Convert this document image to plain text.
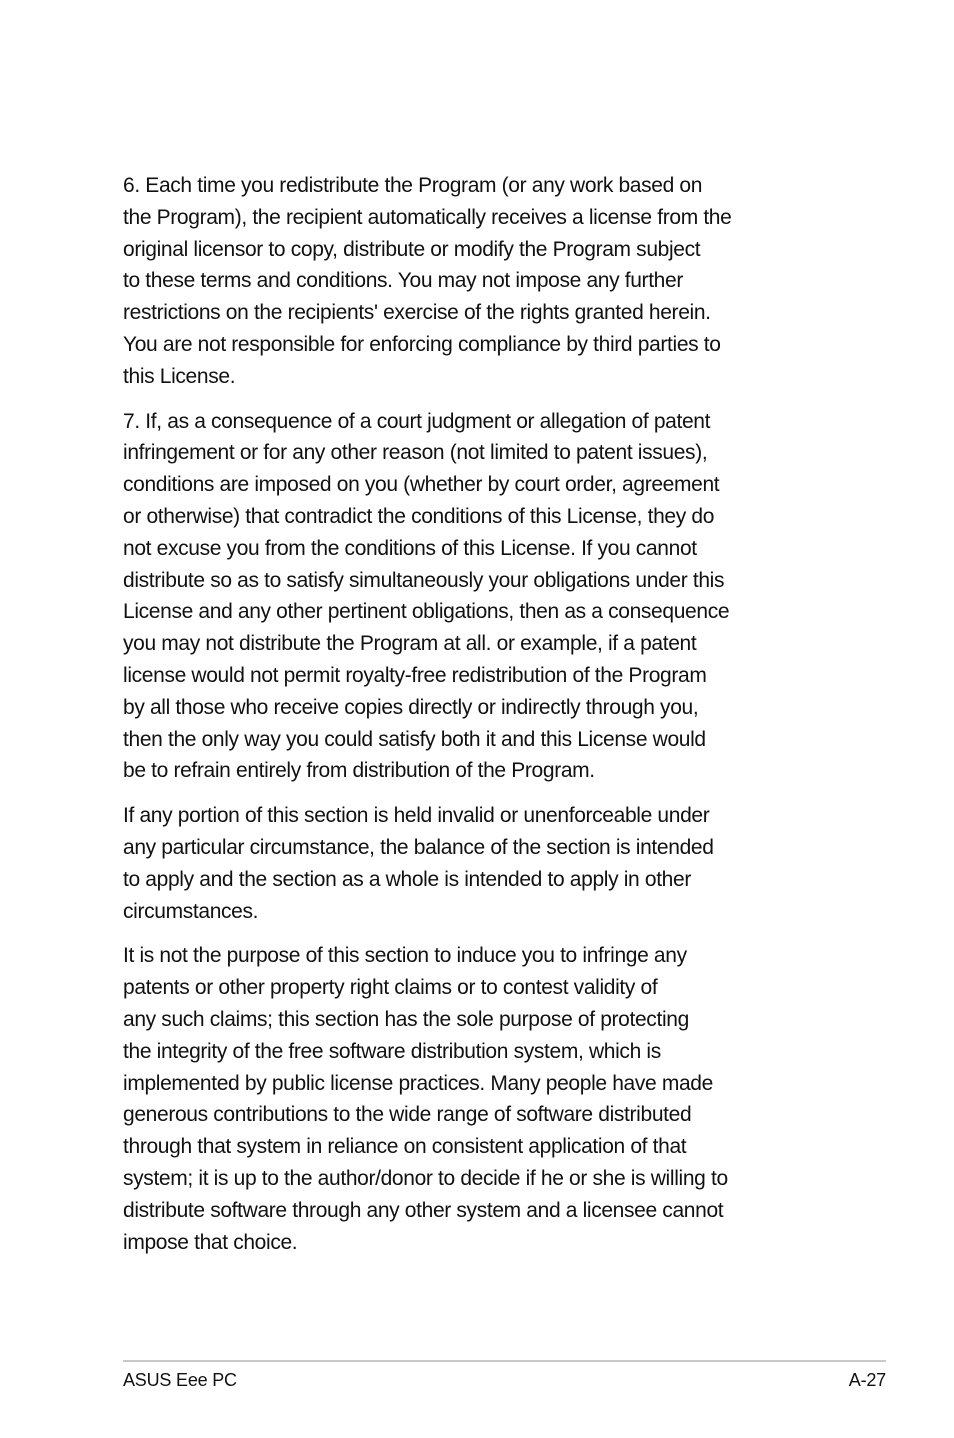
6. Each time you redistribute the Program (or any work based on
the Program), the recipient automatically receives a license from the
original licensor to copy, distribute or modify the Program subject
to these terms and conditions. You may not impose any further
restrictions on the recipients' exercise of the rights granted herein.
You are not responsible for enforcing compliance by third parties to
this License.

7. If, as a consequence of a court judgment or allegation of patent
infringement or for any other reason (not limited to patent issues),
conditions are imposed on you (whether by court order, agreement
or otherwise) that contradict the conditions of this License, they do
not excuse you from the conditions of this License. If you cannot
distribute so as to satisfy simultaneously your obligations under this
License and any other pertinent obligations, then as a consequence
you may not distribute the Program at all. or example, if a patent
license would not permit royalty-free redistribution of the Program
by all those who receive copies directly or indirectly through you,
then the only way you could satisfy both it and this License would
be to refrain entirely from distribution of the Program.

If any portion of this section is held invalid or unenforceable under
any particular circumstance, the balance of the section is intended
to apply and the section as a whole is intended to apply in other
circumstances.

It is not the purpose of this section to induce you to infringe any
patents or other property right claims or to contest validity of
any such claims; this section has the sole purpose of protecting
the integrity of the free software distribution system, which is
implemented by public license practices. Many people have made
generous contributions to the wide range of software distributed
through that system in reliance on consistent application of that
system; it is up to the author/donor to decide if he or she is willing to
distribute software through any other system and a licensee cannot
impose that choice.

ASUS Eee PC	A-27
